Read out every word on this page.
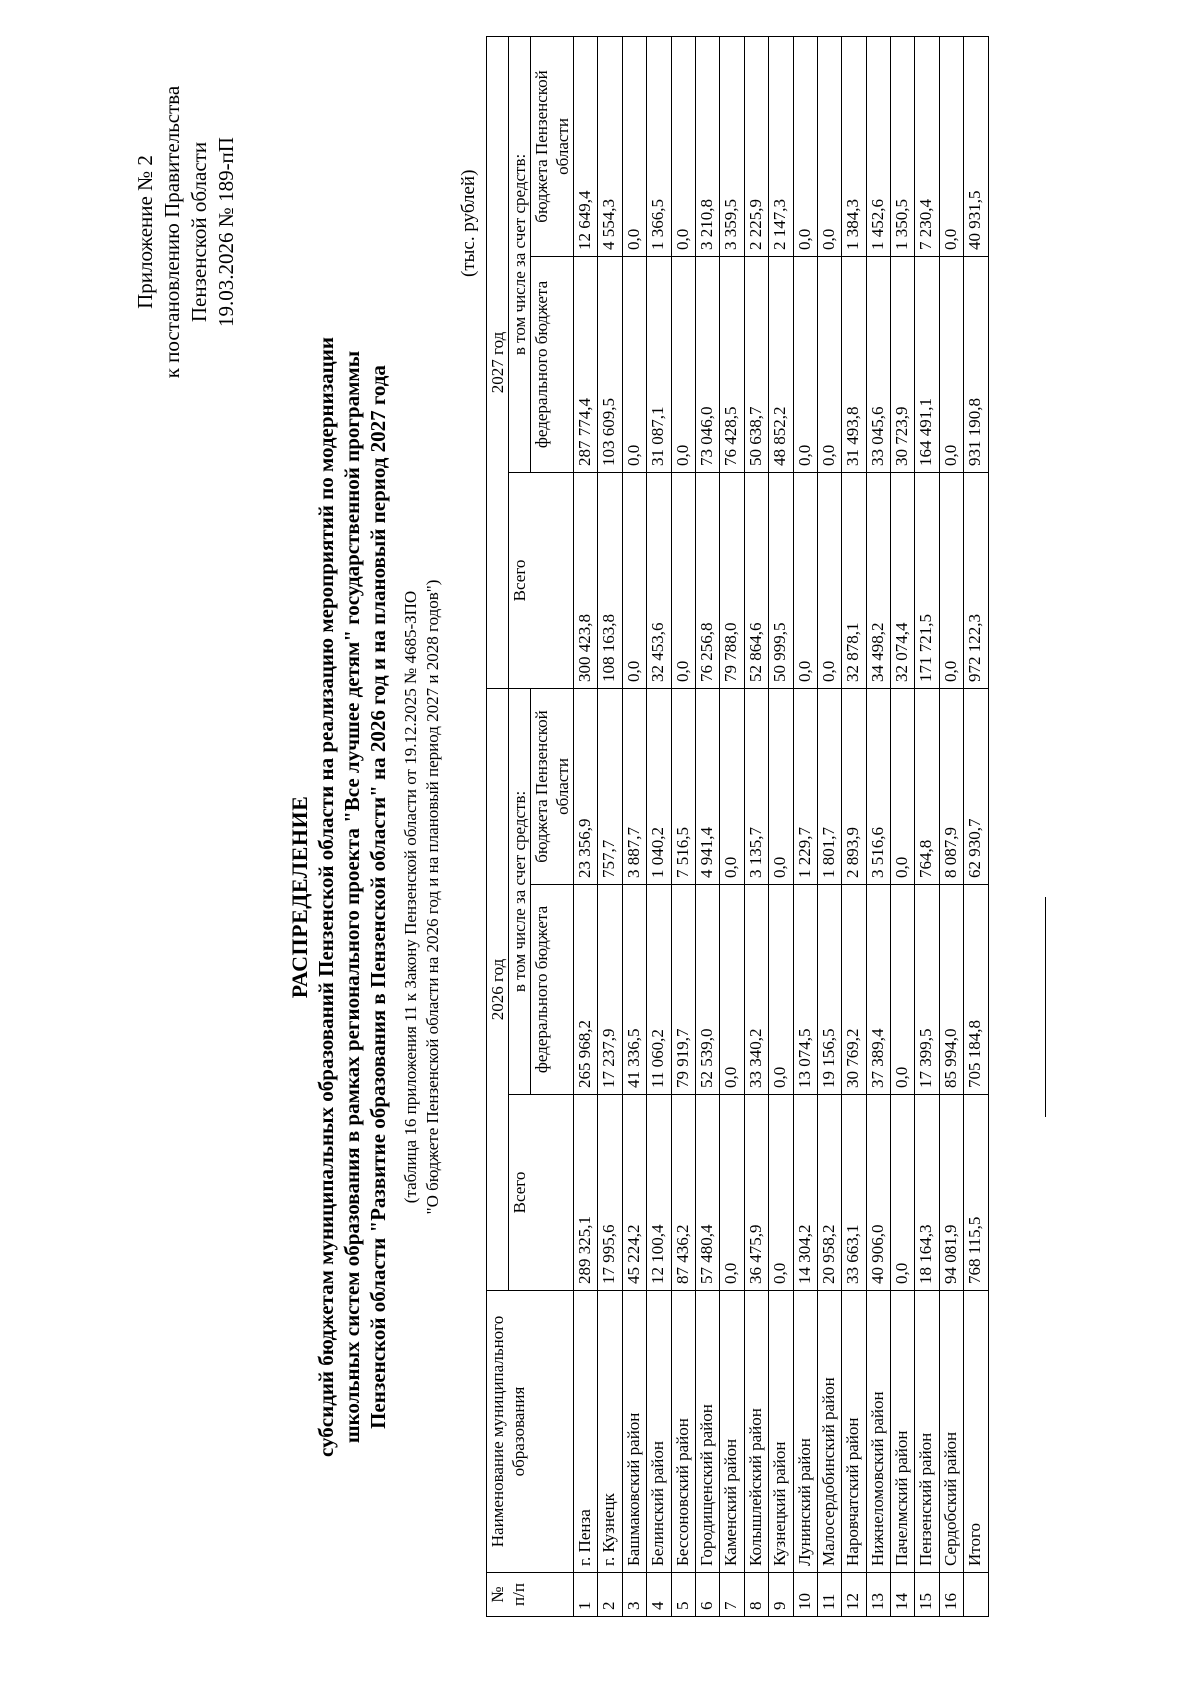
Приложение № 2 к постановлению Правительства Пензенской области 19.03.2026 № 189-пП
РАСПРЕДЕЛЕНИЕ субсидий бюджетам муниципальных образований Пензенской области на реализацию мероприятий по модернизации школьных систем образования в рамках регионального проекта "Все лучшее детям" государственной программы Пензенской области "Развитие образования в Пензенской области" на 2026 год и на плановый период 2027 года (таблица 16 приложения 11 к Закону Пензенской области от 19.12.2025 № 4685-ЗПО "О бюджете Пензенской области на 2026 год и на плановый период 2027 и 2028 годов")
(тыс. рублей)
№ п/п	Наименование муниципального образования	2026 год			2027 год		
		Всего	в том числе за счет средств:		Всего	в том числе за счет средств:	
			федерального бюджета	бюджета Пензенской области		федерального бюджета	бюджета Пензенской области
1	г. Пенза	289 325,1	265 968,2	23 356,9	300 423,8	287 774,4	12 649,4
2	г. Кузнецк	17 995,6	17 237,9	757,7	108 163,8	103 609,5	4 554,3
3	Башмаковский район	45 224,2	41 336,5	3 887,7	0,0	0,0	0,0
4	Белинский район	12 100,4	11 060,2	1 040,2	32 453,6	31 087,1	1 366,5
5	Бессоновский район	87 436,2	79 919,7	7 516,5	0,0	0,0	0,0
6	Городищенский район	57 480,4	52 539,0	4 941,4	76 256,8	73 046,0	3 210,8
7	Каменский район	0,0	0,0	0,0	79 788,0	76 428,5	3 359,5
8	Колышлейский район	36 475,9	33 340,2	3 135,7	52 864,6	50 638,7	2 225,9
9	Кузнецкий район	0,0	0,0	0,0	50 999,5	48 852,2	2 147,3
10	Лунинский район	14 304,2	13 074,5	1 229,7	0,0	0,0	0,0
11	Малосердобинский район	20 958,2	19 156,5	1 801,7	0,0	0,0	0,0
12	Наровчатский район	33 663,1	30 769,2	2 893,9	32 878,1	31 493,8	1 384,3
13	Нижнеломовский район	40 906,0	37 389,4	3 516,6	34 498,2	33 045,6	1 452,6
14	Пачелмский район	0,0	0,0	0,0	32 074,4	30 723,9	1 350,5
15	Пензенский район	18 164,3	17 399,5	764,8	171 721,5	164 491,1	7 230,4
16	Сердобский район	94 081,9	85 994,0	8 087,9	0,0	0,0	0,0
	Итого	768 115,5	705 184,8	62 930,7	972 122,3	931 190,8	40 931,5
